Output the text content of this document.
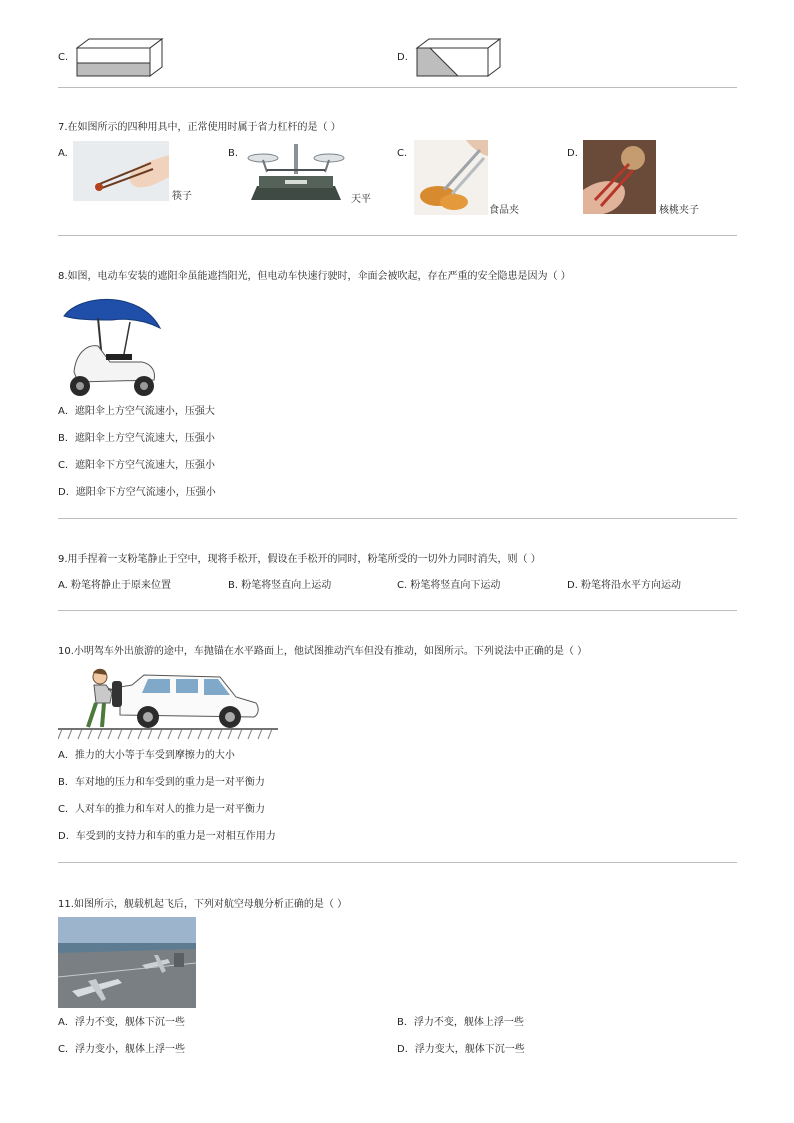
C.	D.
7.在如图所示的四种用具中，正常使用时属于省力杠杆的是（ ）
A.
筷子
B.
天平
C.
食品夹
D.
核桃夹子
8.如图，电动车安装的遮阳伞虽能遮挡阳光，但电动车快速行驶时，伞面会被吹起，存在严重的安全隐患是因为（ ）
A．遮阳伞上方空气流速小，压强大
B．遮阳伞上方空气流速大，压强小
C．遮阳伞下方空气流速大，压强小
D．遮阳伞下方空气流速小，压强小
9.用手捏着一支粉笔静止于空中，现将手松开，假设在手松开的同时，粉笔所受的一切外力同时消失，则（ ）
A. 粉笔将静止于原来位置	B. 粉笔将竖直向上运动	C. 粉笔将竖直向下运动	D. 粉笔将沿水平方向运动
10.小明驾车外出旅游的途中，车抛锚在水平路面上，他试图推动汽车但没有推动，如图所示。下列说法中正确的是（ ）
A．推力的大小等于车受到摩擦力的大小
B．车对地的压力和车受到的重力是一对平衡力
C．人对车的推力和车对人的推力是一对平衡力
D．车受到的支持力和车的重力是一对相互作用力
11.如图所示，舰载机起飞后，下列对航空母舰分析正确的是（ ）
A．浮力不变，舰体下沉一些	B．浮力不变，舰体上浮一些
C．浮力变小，舰体上浮一些	D．浮力变大，舰体下沉一些
